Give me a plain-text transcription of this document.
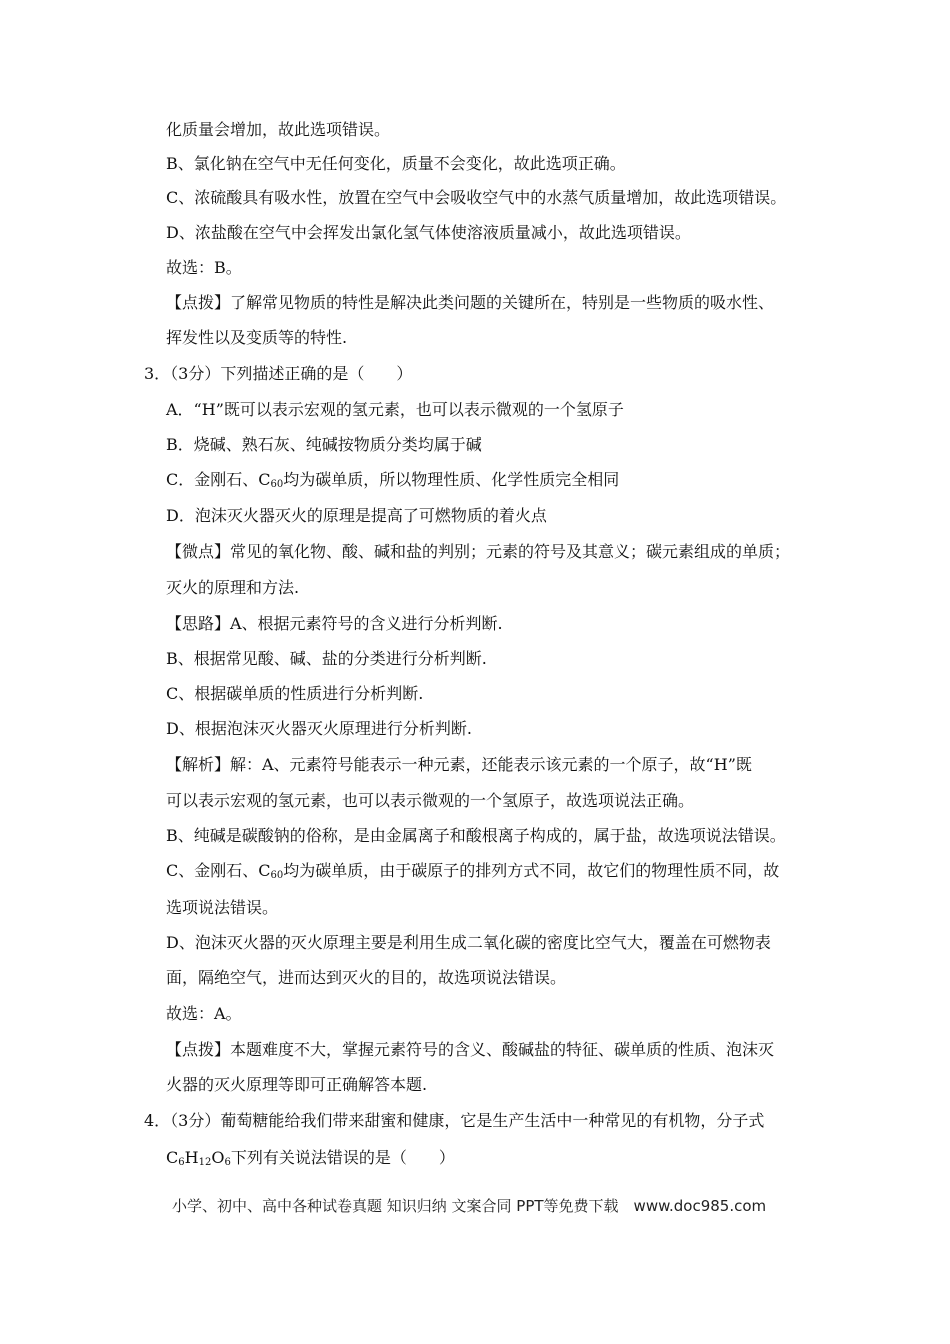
化质量会增加，故此选项错误。
B、氯化钠在空气中无任何变化，质量不会变化，故此选项正确。
C、浓硫酸具有吸水性，放置在空气中会吸收空气中的水蒸气质量增加，故此选项错误。
D、浓盐酸在空气中会挥发出氯化氢气体使溶液质量减小，故此选项错误。
故选：B。
【点拨】了解常见物质的特性是解决此类问题的关键所在，特别是一些物质的吸水性、
挥发性以及变质等的特性.
3．（3分）下列描述正确的是（　　）
A．“H”既可以表示宏观的氢元素，也可以表示微观的一个氢原子
B．烧碱、熟石灰、纯碱按物质分类均属于碱
C．金刚石、$C_{60}$均为碳单质，所以物理性质、化学性质完全相同
D．泡沫灭火器灭火的原理是提高了可燃物质的着火点
【微点】常见的氧化物、酸、碱和盐的判别；元素的符号及其意义；碳元素组成的单质；
灭火的原理和方法.
【思路】A、根据元素符号的含义进行分析判断.
B、根据常见酸、碱、盐的分类进行分析判断.
C、根据碳单质的性质进行分析判断.
D、根据泡沫灭火器灭火原理进行分析判断.
【解析】解：A、元素符号能表示一种元素，还能表示该元素的一个原子，故“H”既
可以表示宏观的氢元素，也可以表示微观的一个氢原子，故选项说法正确。
B、纯碱是碳酸钠的俗称，是由金属离子和酸根离子构成的，属于盐，故选项说法错误。
C、金刚石、$C_{60}$均为碳单质，由于碳原子的排列方式不同，故它们的物理性质不同，故
选项说法错误。
D、泡沫灭火器的灭火原理主要是利用生成二氧化碳的密度比空气大，覆盖在可燃物表
面，隔绝空气，进而达到灭火的目的，故选项说法错误。
故选：A。
【点拨】本题难度不大，掌握元素符号的含义、酸碱盐的特征、碳单质的性质、泡沫灭
火器的灭火原理等即可正确解答本题.
4．（3分）葡萄糖能给我们带来甜蜜和健康，它是生产生活中一种常见的有机物，分子式
$C_6H_{12}O_6$下列有关说法错误的是（　　）
小学、初中、高中各种试卷真题 知识归纳 文案合同 PPT等免费下载　www.doc985.com
